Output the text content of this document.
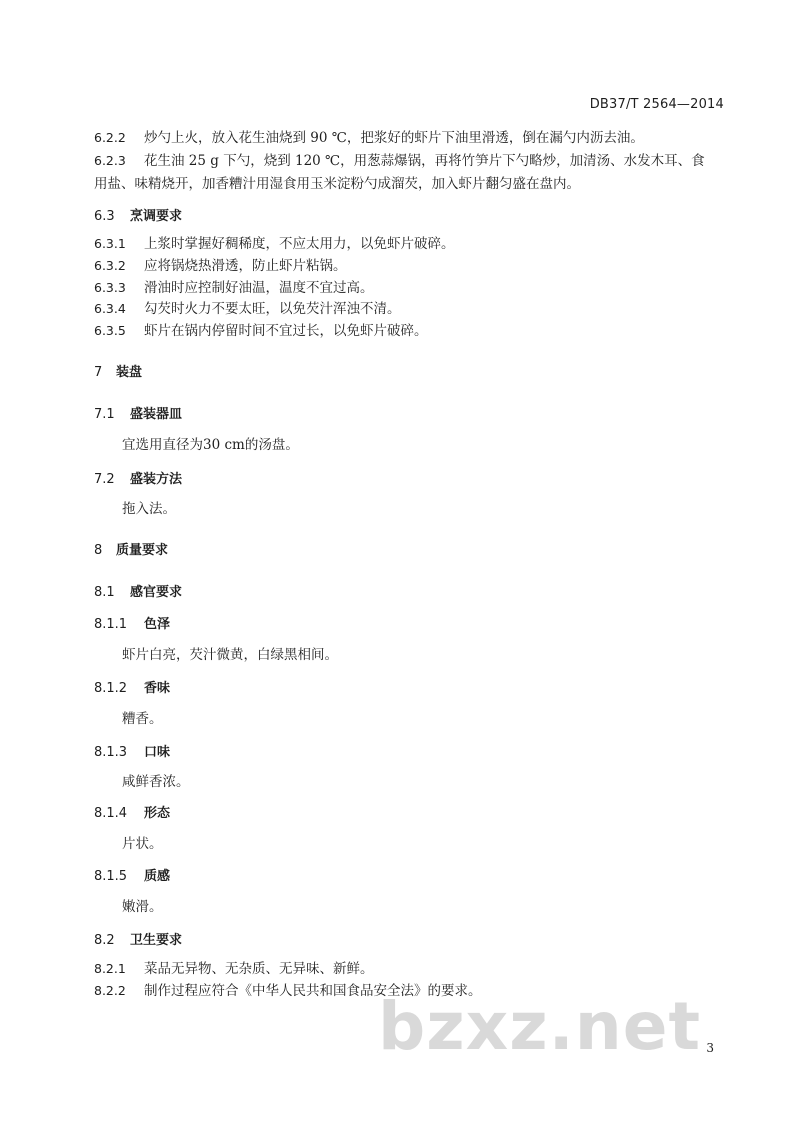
DB37/T 2564—2014
6.2.2 炒勺上火，放入花生油烧到 90 ℃，把浆好的虾片下油里滑透，倒在漏勺内沥去油。
6.2.3 花生油 25 g 下勺，烧到 120 ℃，用葱蒜爆锅，再将竹笋片下勺略炒，加清汤、水发木耳、食
用盐、味精烧开，加香糟汁用湿食用玉米淀粉勺成溜芡，加入虾片翻匀盛在盘内。
6.3 烹调要求
6.3.1 上浆时掌握好稠稀度，不应太用力，以免虾片破碎。
6.3.2 应将锅烧热滑透，防止虾片粘锅。
6.3.3 滑油时应控制好油温，温度不宜过高。
6.3.4 勾芡时火力不要太旺，以免芡汁浑浊不清。
6.3.5 虾片在锅内停留时间不宜过长，以免虾片破碎。
7 装盘
7.1 盛装器皿
宜选用直径为30 cm的汤盘。
7.2 盛装方法
拖入法。
8 质量要求
8.1 感官要求
8.1.1 色泽
虾片白亮，芡汁微黄，白绿黑相间。
8.1.2 香味
糟香。
8.1.3 口味
咸鲜香浓。
8.1.4 形态
片状。
8.1.5 质感
嫩滑。
8.2 卫生要求
8.2.1 菜品无异物、无杂质、无异味、新鲜。
8.2.2 制作过程应符合《中华人民共和国食品安全法》的要求。
bzxz.net 3
